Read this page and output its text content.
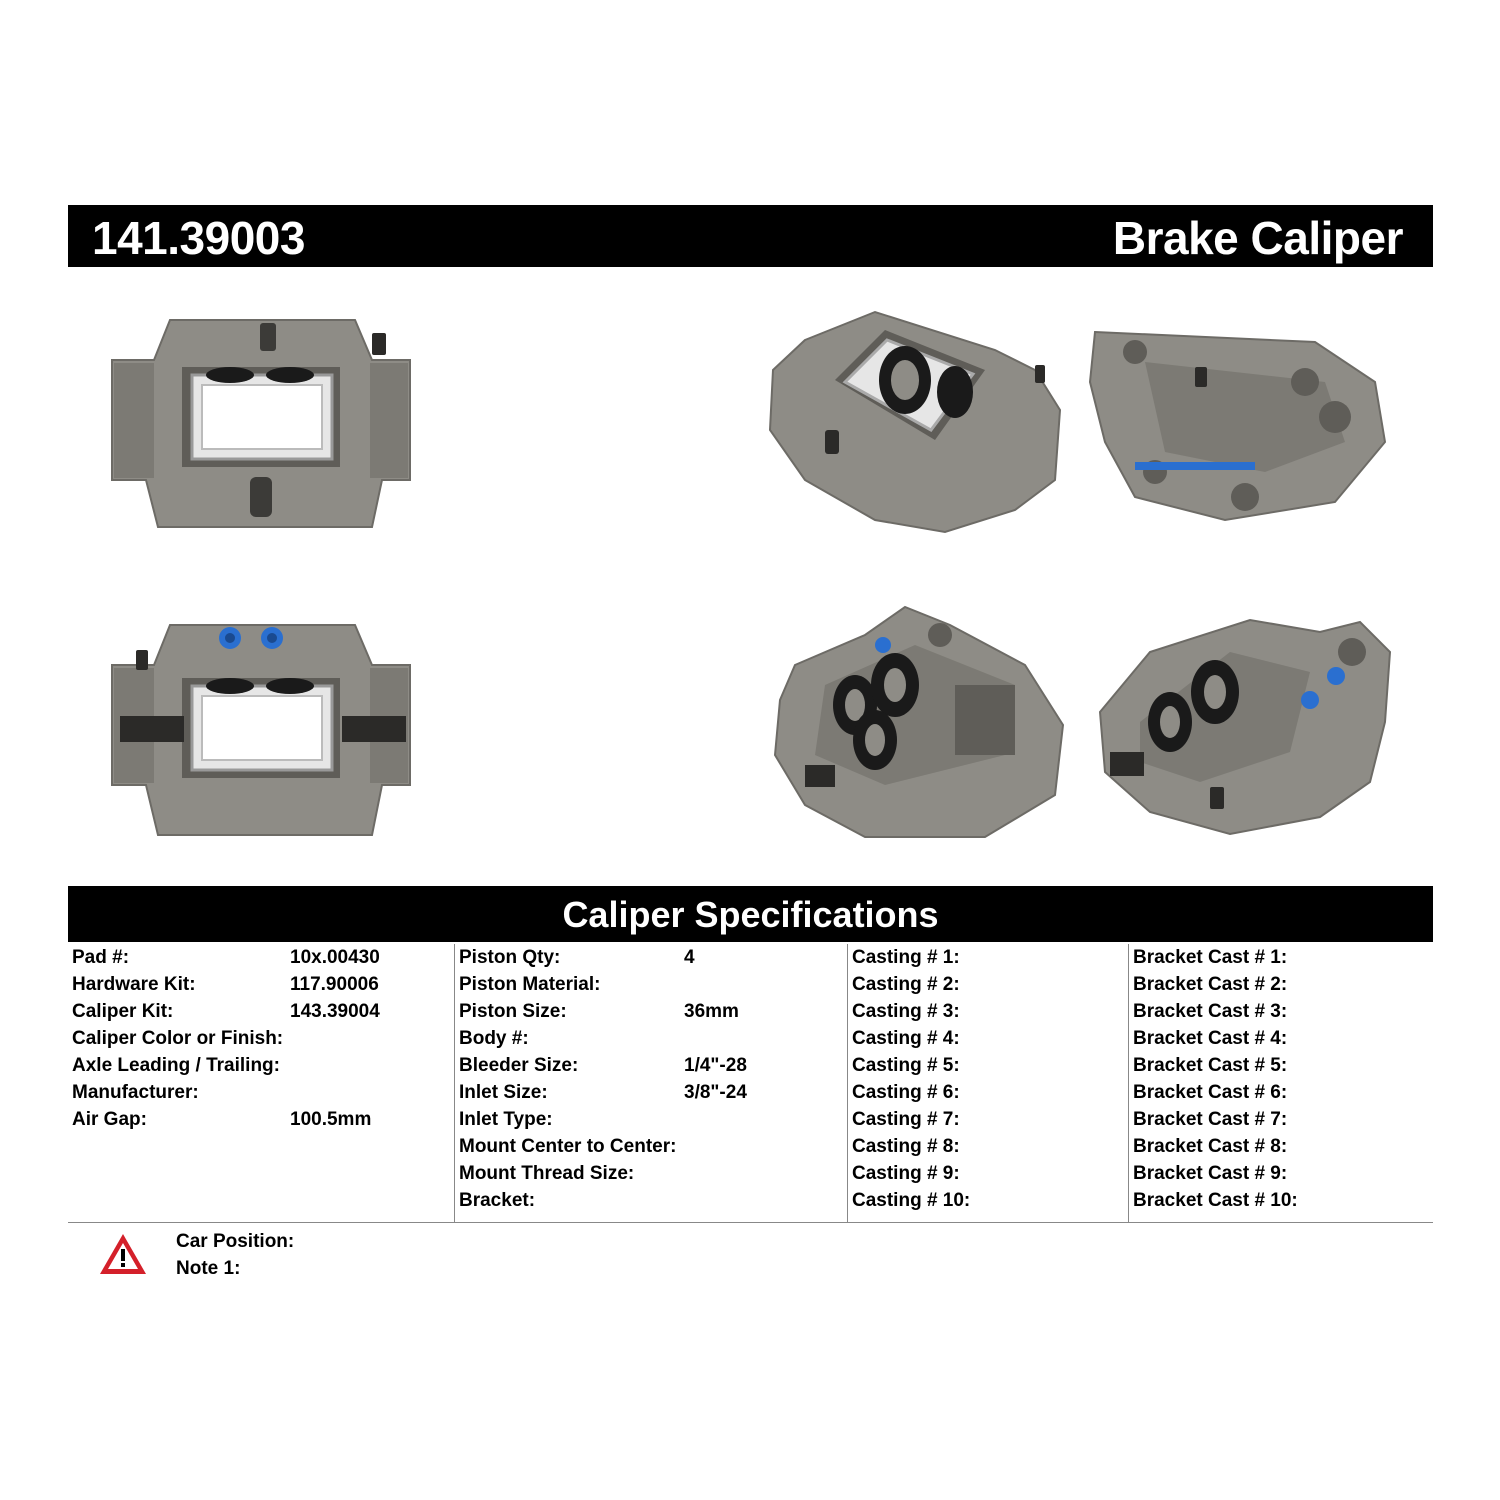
141.39003	Brake Caliper
Caliper Specifications
Pad #:	10x.00430
Hardware Kit:	117.90006
Caliper Kit:	143.39004
Caliper Color or Finish:
Axle Leading / Trailing:
Manufacturer:
Air Gap:	100.5mm
Piston Qty:	4
Piston Material:
Piston Size:	36mm
Body #:
Bleeder Size:	1/4"-28
Inlet Size:	3/8"-24
Inlet Type:
Mount Center to Center:
Mount Thread Size:
Bracket:
Casting # 1:
Casting # 2:
Casting # 3:
Casting # 4:
Casting # 5:
Casting # 6:
Casting # 7:
Casting # 8:
Casting # 9:
Casting # 10:
Bracket Cast # 1:
Bracket Cast # 2:
Bracket Cast # 3:
Bracket Cast # 4:
Bracket Cast # 5:
Bracket Cast # 6:
Bracket Cast # 7:
Bracket Cast # 8:
Bracket Cast # 9:
Bracket Cast # 10:
Car Position:
Note 1:
